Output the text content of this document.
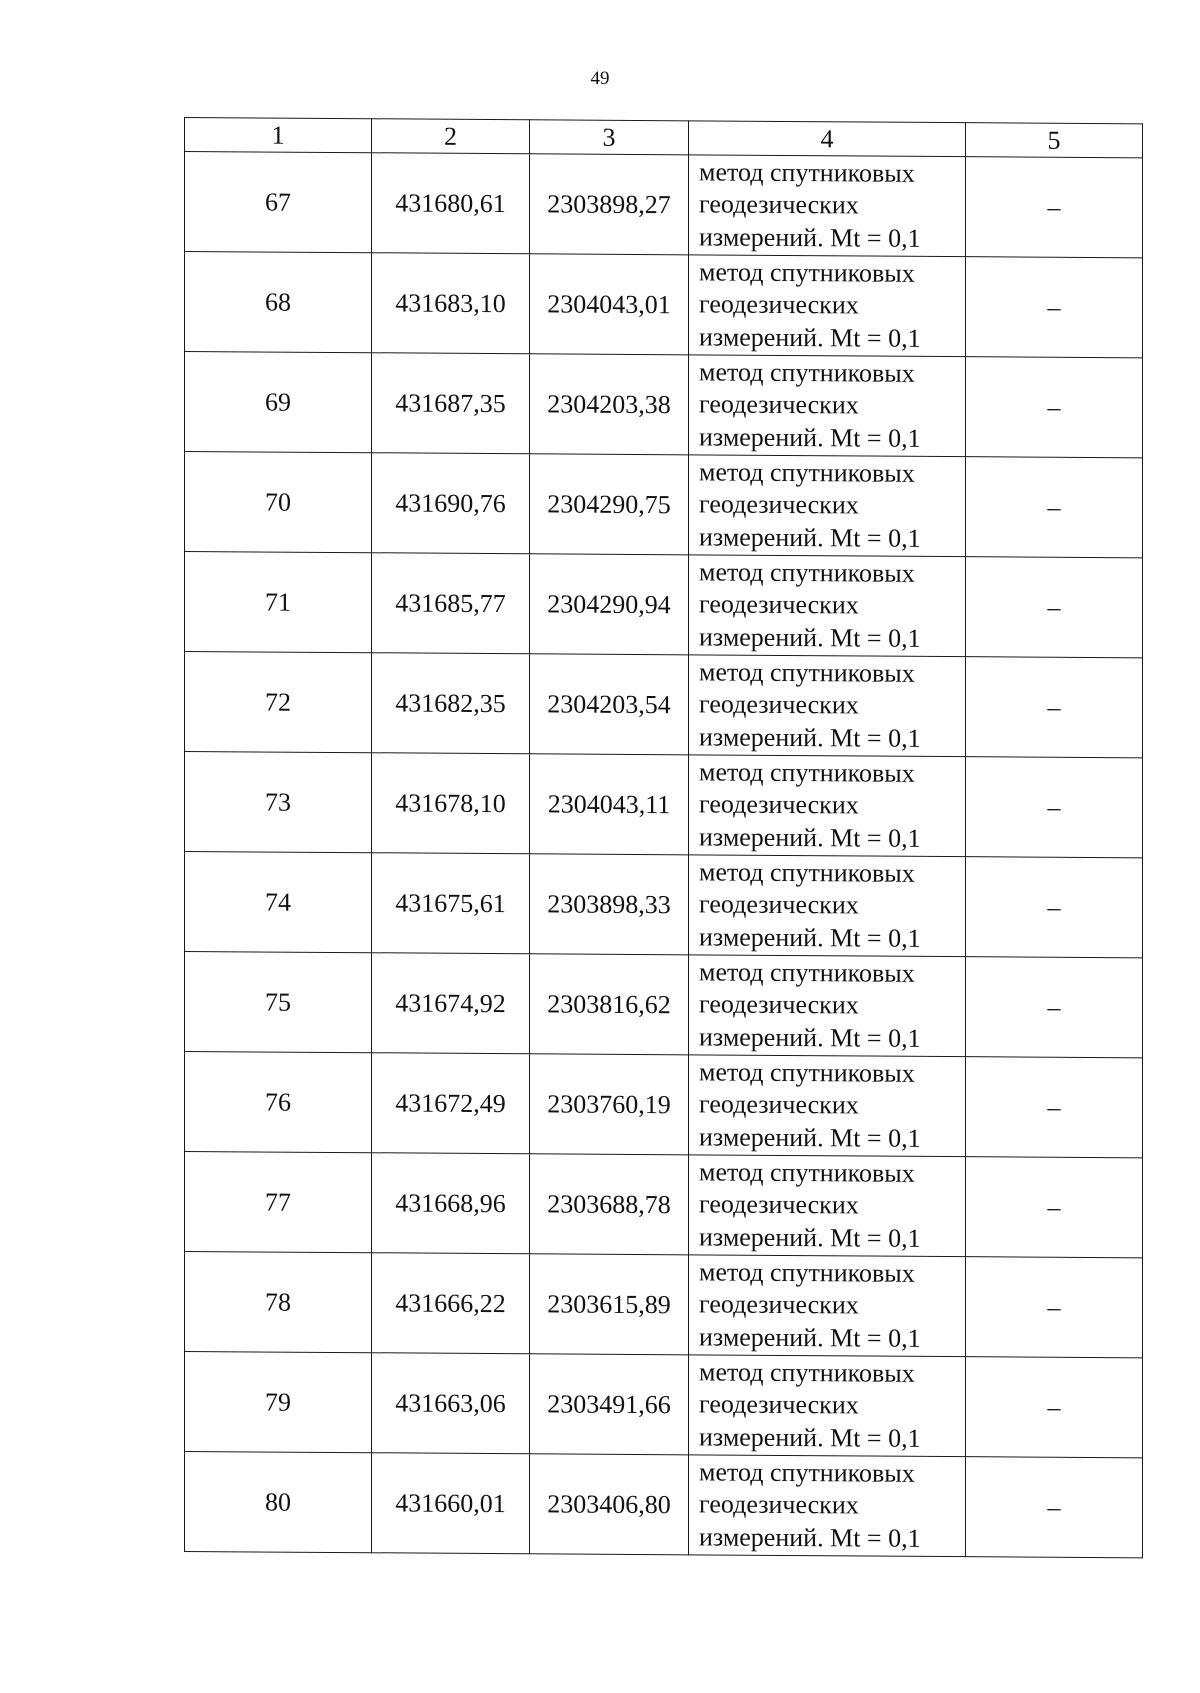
49
1	2	3	4	5
67	431680,61	2303898,27	метод спутниковых
геодезических
измерений. Mt = 0,1	–
68	431683,10	2304043,01	метод спутниковых
геодезических
измерений. Mt = 0,1	–
69	431687,35	2304203,38	метод спутниковых
геодезических
измерений. Mt = 0,1	–
70	431690,76	2304290,75	метод спутниковых
геодезических
измерений. Mt = 0,1	–
71	431685,77	2304290,94	метод спутниковых
геодезических
измерений. Mt = 0,1	–
72	431682,35	2304203,54	метод спутниковых
геодезических
измерений. Mt = 0,1	–
73	431678,10	2304043,11	метод спутниковых
геодезических
измерений. Mt = 0,1	–
74	431675,61	2303898,33	метод спутниковых
геодезических
измерений. Mt = 0,1	–
75	431674,92	2303816,62	метод спутниковых
геодезических
измерений. Mt = 0,1	–
76	431672,49	2303760,19	метод спутниковых
геодезических
измерений. Mt = 0,1	–
77	431668,96	2303688,78	метод спутниковых
геодезических
измерений. Mt = 0,1	–
78	431666,22	2303615,89	метод спутниковых
геодезических
измерений. Mt = 0,1	–
79	431663,06	2303491,66	метод спутниковых
геодезических
измерений. Mt = 0,1	–
80	431660,01	2303406,80	метод спутниковых
геодезических
измерений. Mt = 0,1	–
